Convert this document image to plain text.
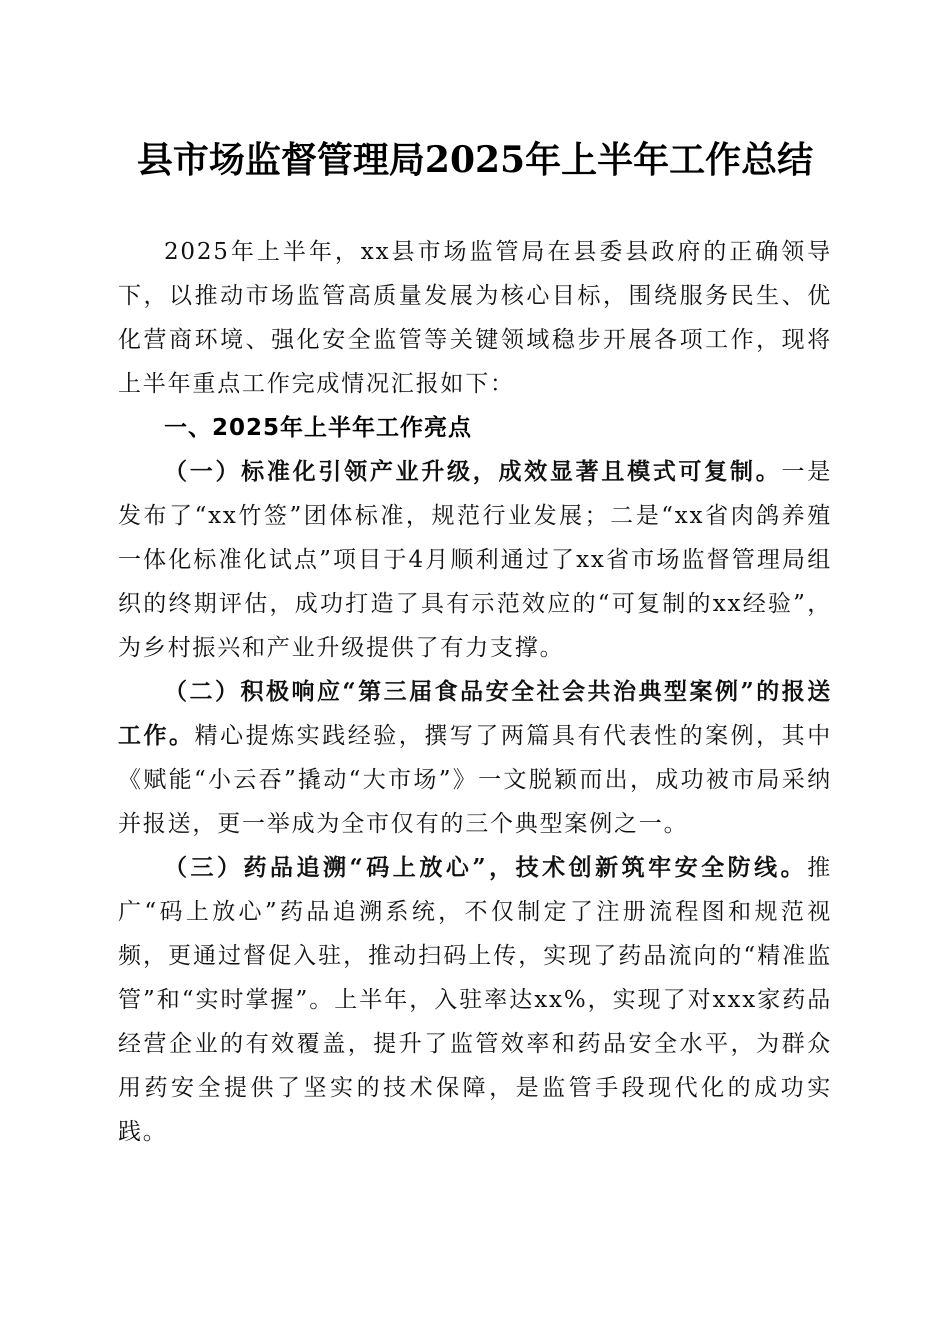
县市场监督管理局2025年上半年工作总结

2025年上半年，xx县市场监管局在县委县政府的正确领导下，以推动市场监管高质量发展为核心目标，围绕服务民生、优化营商环境、强化安全监管等关键领域稳步开展各项工作，现将上半年重点工作完成情况汇报如下：

一、2025年上半年工作亮点

（一）标准化引领产业升级，成效显著且模式可复制。一是发布了“xx竹签”团体标准，规范行业发展；二是“xx省肉鸽养殖一体化标准化试点”项目于4月顺利通过了xx省市场监督管理局组织的终期评估，成功打造了具有示范效应的“可复制的xx经验”，为乡村振兴和产业升级提供了有力支撑。

（二）积极响应“第三届食品安全社会共治典型案例”的报送工作。精心提炼实践经验，撰写了两篇具有代表性的案例，其中《赋能“小云吞”撬动“大市场”》一文脱颖而出，成功被市局采纳并报送，更一举成为全市仅有的三个典型案例之一。

（三）药品追溯“码上放心”，技术创新筑牢安全防线。推广“码上放心”药品追溯系统，不仅制定了注册流程图和规范视频，更通过督促入驻，推动扫码上传，实现了药品流向的“精准监管”和“实时掌握”。上半年，入驻率达xx%，实现了对xxx家药品经营企业的有效覆盖，提升了监管效率和药品安全水平，为群众用药安全提供了坚实的技术保障，是监管手段现代化的成功实践。
